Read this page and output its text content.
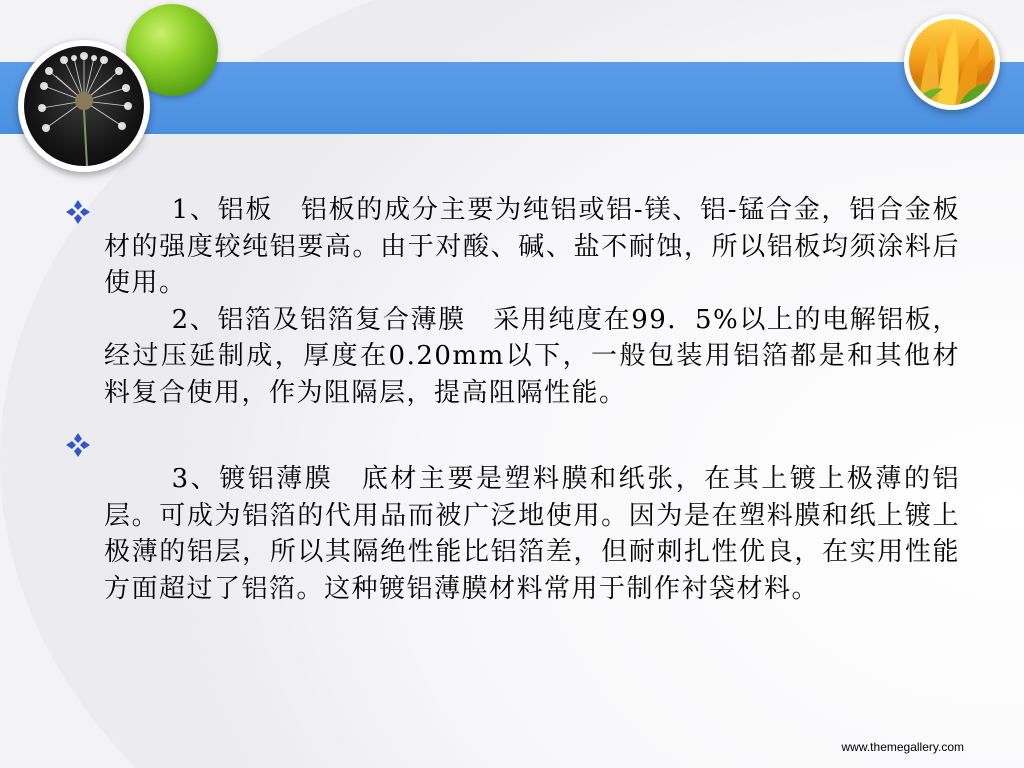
1、铝板　铝板的成分主要为纯铝或铝-镁、铝-锰合金，铝合金板材的强度较纯铝要高。由于对酸、碱、盐不耐蚀，所以铝板均须涂料后使用。

2、铝箔及铝箔复合薄膜　采用纯度在99．5%以上的电解铝板，经过压延制成，厚度在0.20mm以下，一般包装用铝箔都是和其他材料复合使用，作为阻隔层，提高阻隔性能。

3、镀铝薄膜　底材主要是塑料膜和纸张，在其上镀上极薄的铝层。可成为铝箔的代用品而被广泛地使用。因为是在塑料膜和纸上镀上极薄的铝层，所以其隔绝性能比铝箔差，但耐刺扎性优良，在实用性能方面超过了铝箔。这种镀铝薄膜材料常用于制作衬袋材料。

www.themegallery.com
